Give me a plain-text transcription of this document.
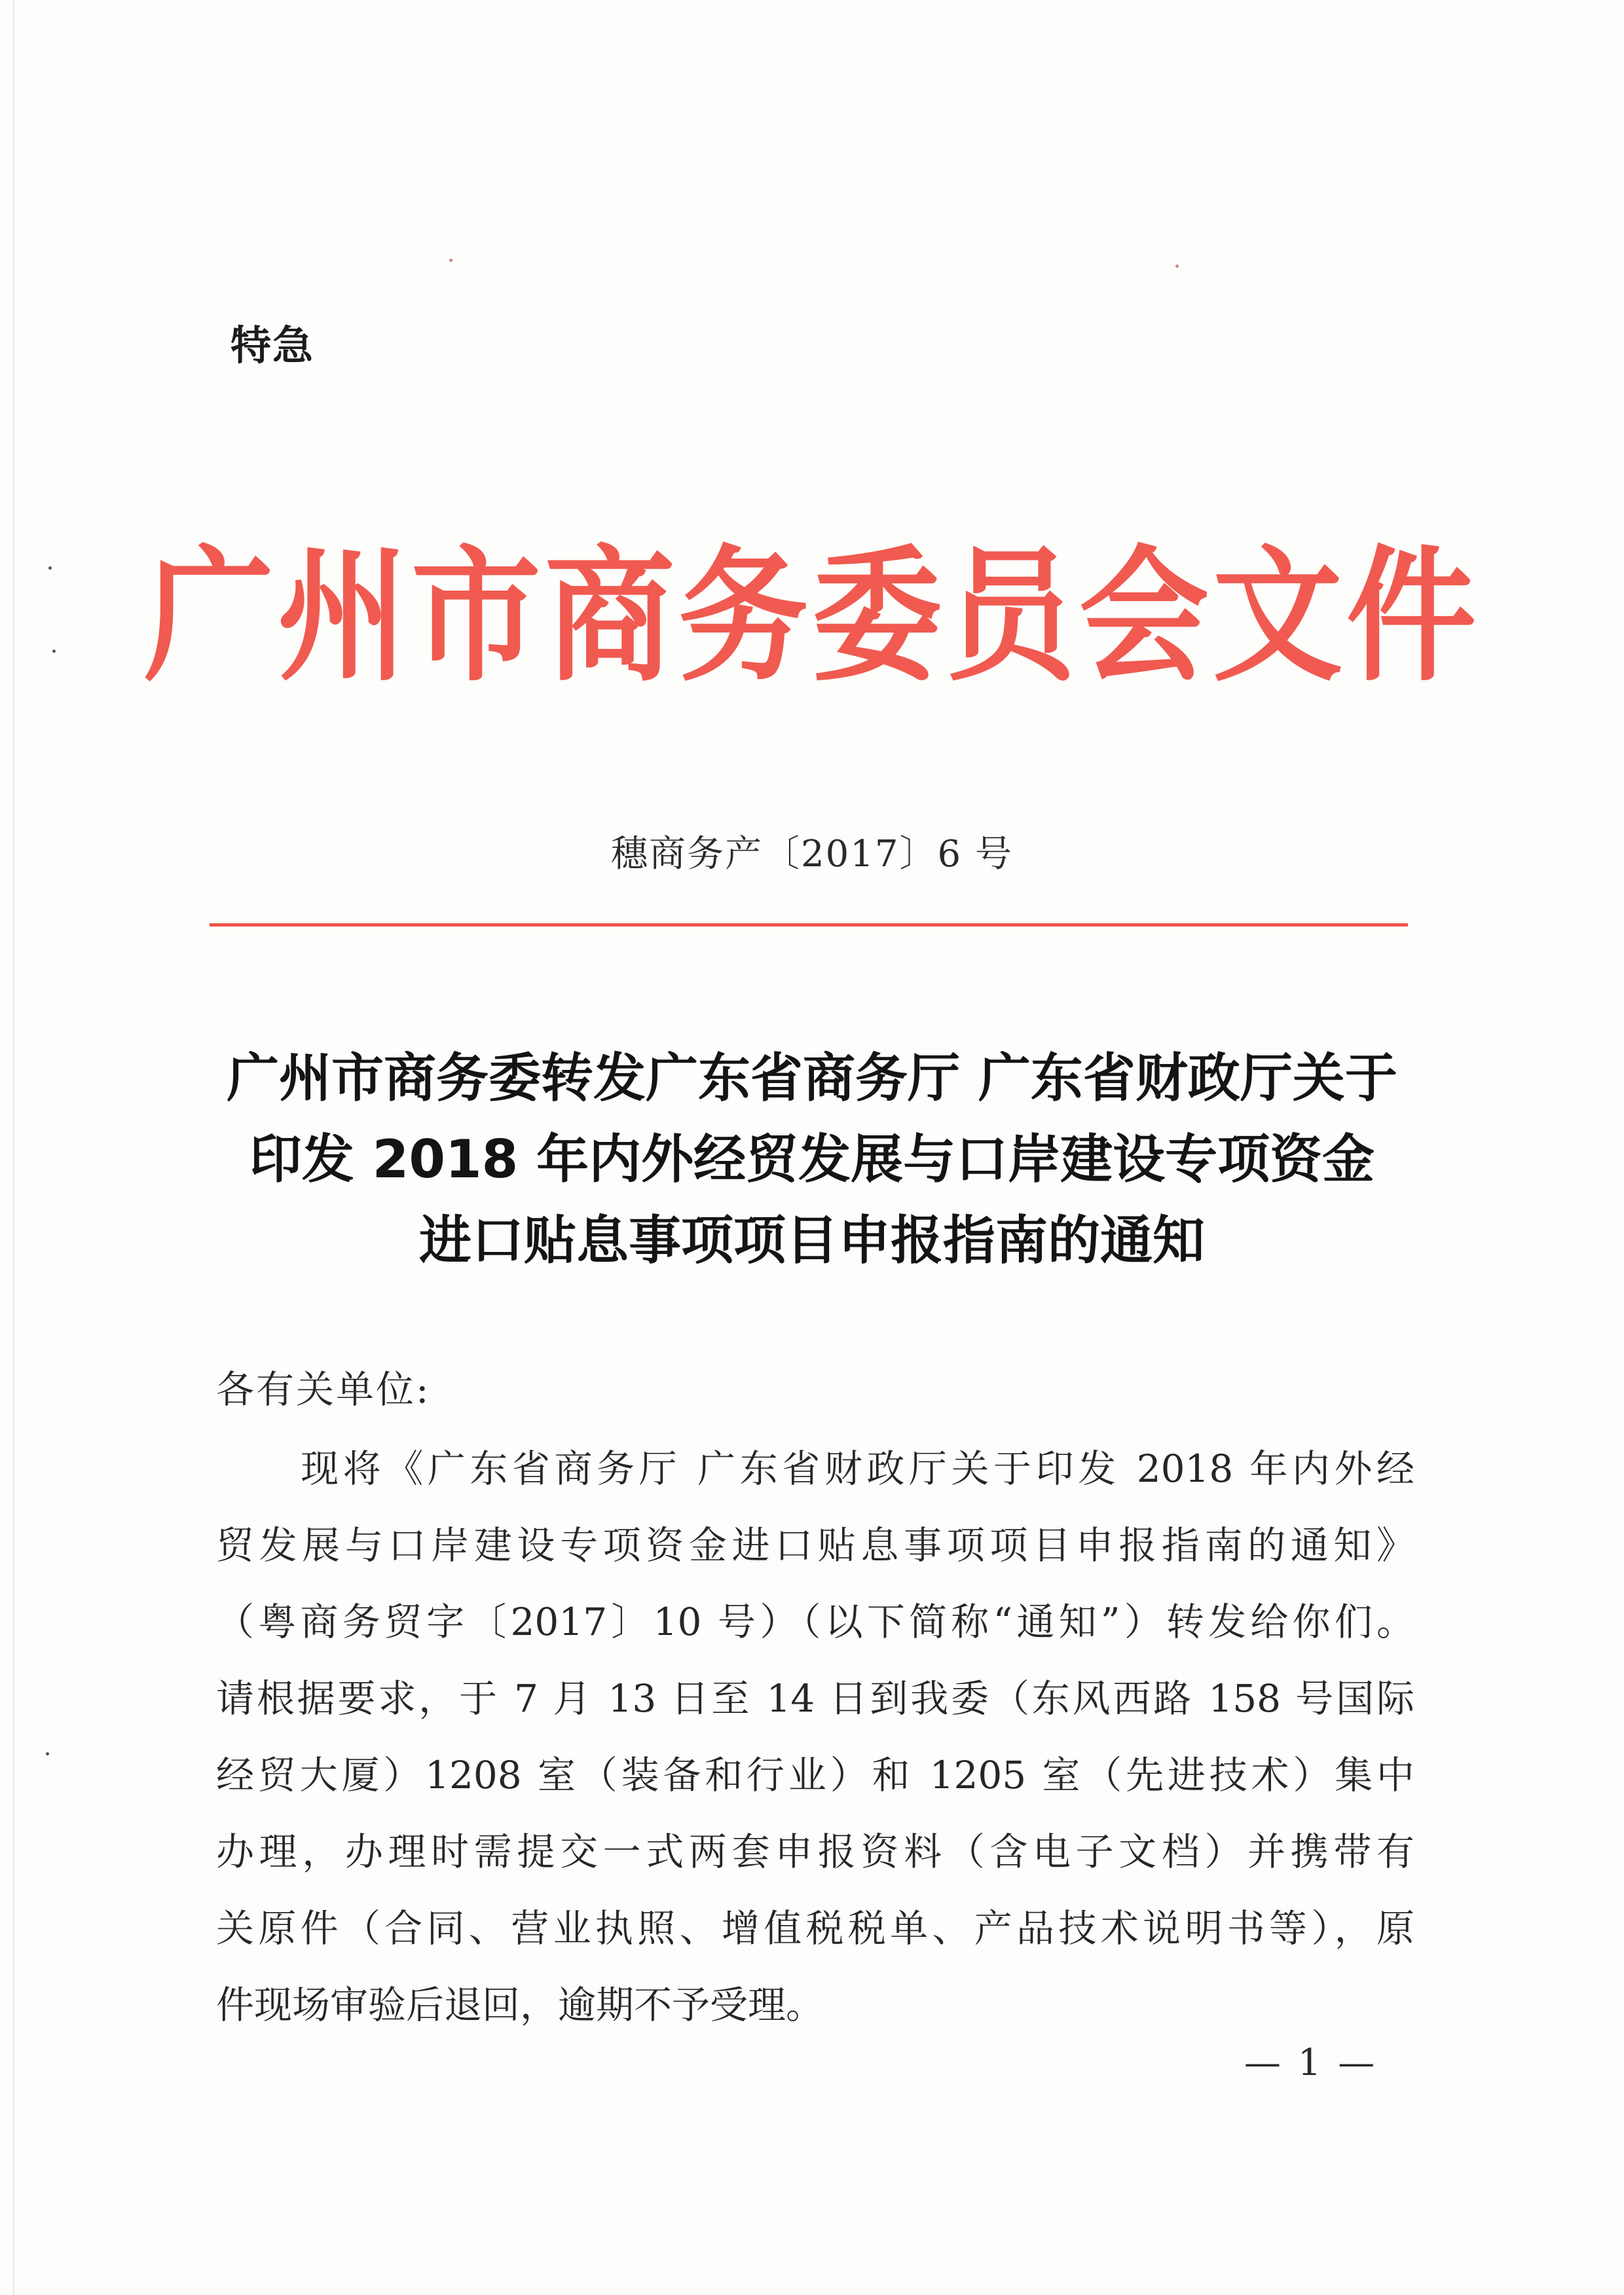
特急
广州市商务委员会文件
穗商务产〔2017〕6 号
广州市商务委转发广东省商务厅 广东省财政厅关于
印发 2018 年内外经贸发展与口岸建设专项资金
进口贴息事项项目申报指南的通知
各有关单位:
　　现将《广东省商务厅 广东省财政厅关于印发 2018 年内外经
贸发展与口岸建设专项资金进口贴息事项项目申报指南的通知》
（粤商务贸字〔2017〕10 号）（以下简称“通知”）转发给你们。
请根据要求，于 7 月 13 日至 14 日到我委（东风西路 158 号国际
经贸大厦）1208 室（装备和行业）和 1205 室（先进技术）集中
办理，办理时需提交一式两套申报资料（含电子文档）并携带有
关原件（合同、营业执照、增值税税单、产品技术说明书等），原
件现场审验后退回，逾期不予受理。
— 1 —
